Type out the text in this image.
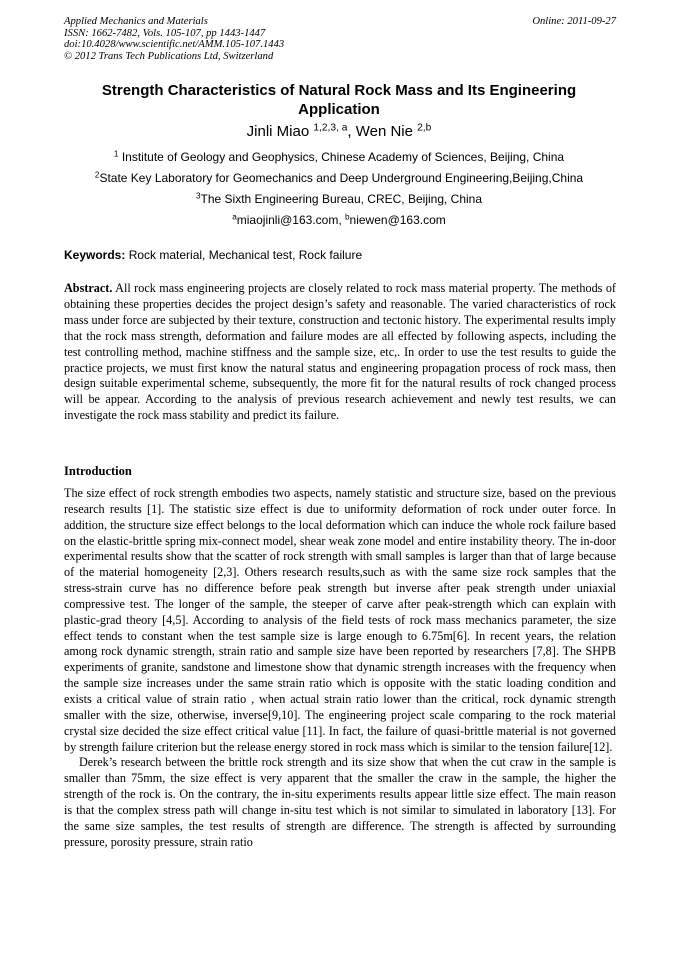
Applied Mechanics and Materials
ISSN: 1662-7482, Vols. 105-107, pp 1443-1447
doi:10.4028/www.scientific.net/AMM.105-107.1443
© 2012 Trans Tech Publications Ltd, Switzerland
Online: 2011-09-27
Strength Characteristics of Natural Rock Mass and Its Engineering Application
Jinli Miao $^{1,2,3, a}$, Wen Nie $^{2,b}$
$^1$ Institute of Geology and Geophysics, Chinese Academy of Sciences, Beijing, China
$^2$State Key Laboratory for Geomechanics and Deep Underground Engineering,Beijing,China
$^3$The Sixth Engineering Bureau, CREC, Beijing, China
$^a$miaojinli@163.com, $^b$niewen@163.com
Keywords: Rock material, Mechanical test, Rock failure
Abstract. All rock mass engineering projects are closely related to rock mass material property. The methods of obtaining these properties decides the project design’s safety and reasonable. The varied characteristics of rock mass under force are subjected by their texture, construction and tectonic history. The experimental results imply that the rock mass strength, deformation and failure modes are all effected by following aspects, including the test controlling method, machine stiffness and the sample size, etc,. In order to use the test results to guide the practice projects, we must first know the natural status and engineering propagation process of rock mass, then design suitable experimental scheme, subsequently, the more fit for the natural results of rock changed process will be appear. According to the analysis of previous research achievement and newly test results, we can investigate the rock mass stability and predict its failure.
Introduction

The size effect of rock strength embodies two aspects, namely statistic and structure size, based on the previous research results [1]. The statistic size effect is due to uniformity deformation of rock under outer force. In addition, the structure size effect belongs to the local deformation which can induce the whole rock failure based on the elastic-brittle spring mix-connect model, shear weak zone model and entire instability theory. The in-door experimental results show that the scatter of rock strength with small samples is larger than that of large because of the material homogeneity [2,3]. Others research results,such as with the same size rock samples that the stress-strain curve has no difference before peak strength but inverse after peak strength under uniaxial compressive test. The longer of the sample, the steeper of carve after peak-strength which can explain with plastic-grad theory [4,5]. According to analysis of the field tests of rock mass mechanics parameter, the size effect tends to constant when the test sample size is large enough to 6.75m[6]. In recent years, the relation among rock dynamic strength, strain ratio and sample size have been reported by researchers [7,8]. The SHPB experiments of granite, sandstone and limestone show that dynamic strength increases with the frequency when the sample size increases under the same strain ratio which is opposite with the static loading condition and exists a critical value of strain ratio , when actual strain ratio lower than the critical, rock dynamic strength smaller with the size, otherwise, inverse[9,10]. The engineering project scale comparing to the rock material crystal size decided the size effect critical value [11]. In fact, the failure of quasi-brittle material is not governed by strength failure criterion but the release energy stored in rock mass which is similar to the tension failure[12].

Derek’s research between the brittle rock strength and its size show that when the cut craw in the sample is smaller than 75mm, the size effect is very apparent that the smaller the craw in the sample, the higher the strength of the rock is. On the contrary, the in-situ experiments results appear little size effect. The main reason is that the complex stress path will change in-situ test which is not similar to simulated in laboratory [13]. For the same size samples, the test results of strength are difference. The strength is affected by surrounding pressure, porosity pressure, strain ratio
